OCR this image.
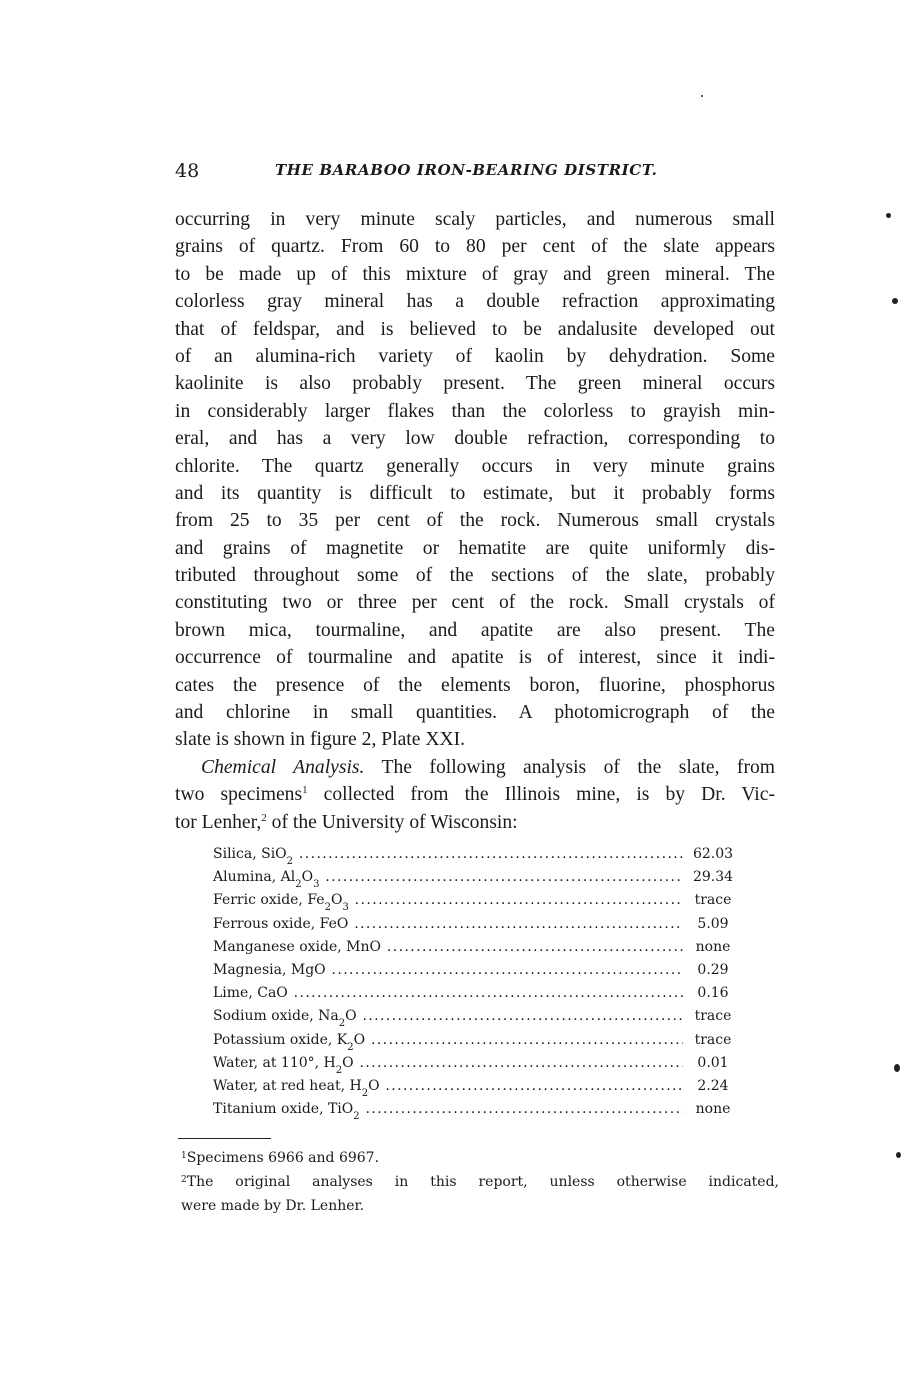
48	THE BARABOO IRON-BEARING DISTRICT.
occurring in very minute scaly particles, and numerous small
grains of quartz. From 60 to 80 per cent of the slate appears
to be made up of this mixture of gray and green mineral. The
colorless gray mineral has a double refraction approximating
that of feldspar, and is believed to be andalusite developed out
of an alumina-rich variety of kaolin by dehydration. Some
kaolinite is also probably present. The green mineral occurs
in considerably larger flakes than the colorless to grayish min-
eral, and has a very low double refraction, corresponding to
chlorite. The quartz generally occurs in very minute grains
and its quantity is difficult to estimate, but it probably forms
from 25 to 35 per cent of the rock. Numerous small crystals
and grains of magnetite or hematite are quite uniformly dis-
tributed throughout some of the sections of the slate, probably
constituting two or three per cent of the rock. Small crystals of
brown mica, tourmaline, and apatite are also present. The
occurrence of tourmaline and apatite is of interest, since it indi-
cates the presence of the elements boron, fluorine, phosphorus
and chlorine in small quantities. A photomicrograph of the
slate is shown in figure 2, Plate XXI.
Chemical Analysis. The following analysis of the slate, from
two specimens$^1$ collected from the Illinois mine, is by Dr. Vic-
tor Lenher,$^2$ of the University of Wisconsin:
Silica, SiO$_2$ .....	62.03
Alumina, $Al_2O_3$ .....	29.34
Ferric oxide, $Fe_2O_3$ .....	trace
Ferrous oxide, FeO .....	5.09
Manganese oxide, MnO .....	none
Magnesia, MgO .....	0.29
Lime, CaO .....	0.16
Sodium oxide, $Na_2O$ .....	trace
Potassium oxide, $K_2O$ .....	trace
Water, at 110°, $H_2O$ .....	0.01
Water, at red heat, $H_2O$ .....	2.24
Titanium oxide, TiO$_2$ .....	none
$^1$Specimens 6966 and 6967.
$^2$The original analyses in this report, unless otherwise indicated,
were made by Dr. Lenher.
